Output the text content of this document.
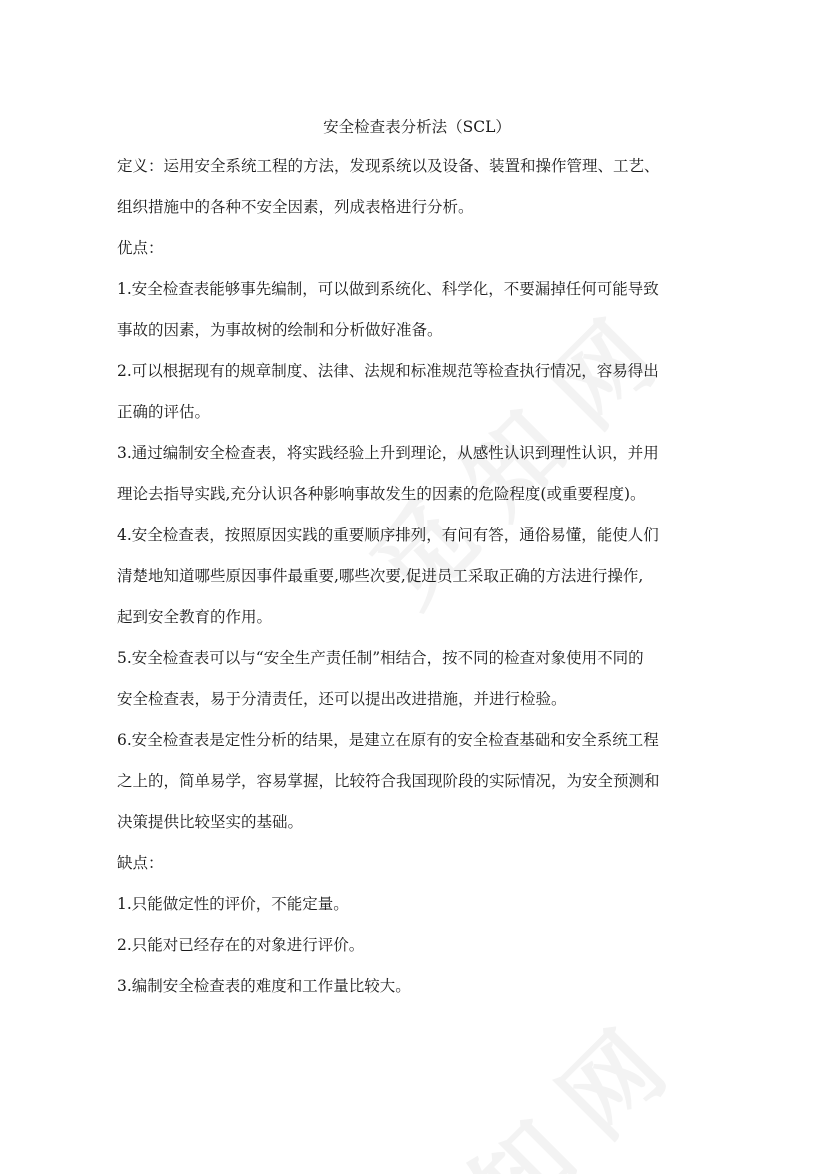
安全检查表分析法（SCL）

定义：运用安全系统工程的方法，发现系统以及设备、装置和操作管理、工艺、

组织措施中的各种不安全因素，列成表格进行分析。

优点：

1.安全检查表能够事先编制，可以做到系统化、科学化，不要漏掉任何可能导致

事故的因素，为事故树的绘制和分析做好准备。

2.可以根据现有的规章制度、法律、法规和标准规范等检查执行情况，容易得出

正确的评估。

3.通过编制安全检查表，将实践经验上升到理论，从感性认识到理性认识，并用

理论去指导实践,充分认识各种影响事故发生的因素的危险程度(或重要程度)。

4.安全检查表，按照原因实践的重要顺序排列，有问有答，通俗易懂，能使人们

清楚地知道哪些原因事件最重要,哪些次要,促进员工采取正确的方法进行操作,

起到安全教育的作用。

5.安全检查表可以与“安全生产责任制”相结合，按不同的检查对象使用不同的

安全检查表，易于分清责任，还可以提出改进措施，并进行检验。

6.安全检查表是定性分析的结果，是建立在原有的安全检查基础和安全系统工程

之上的，简单易学，容易掌握，比较符合我国现阶段的实际情况，为安全预测和

决策提供比较坚实的基础。

缺点：

1.只能做定性的评价，不能定量。

2.只能对已经存在的对象进行评价。

3.编制安全检查表的难度和工作量比较大。
